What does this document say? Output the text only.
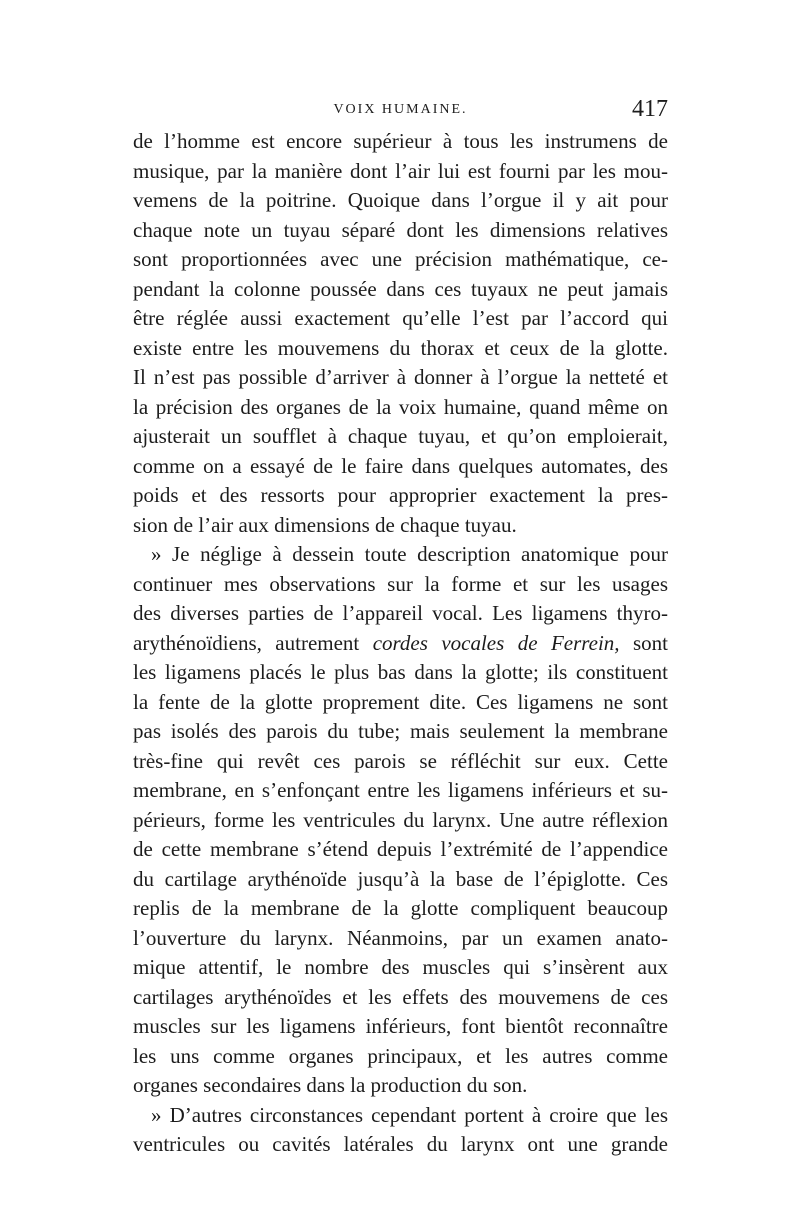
VOIX HUMAINE.	417
de l’homme est encore supérieur à tous les instrumens de
musique, par la manière dont l’air lui est fourni par les mou-
vemens de la poitrine. Quoique dans l’orgue il y ait pour
chaque note un tuyau séparé dont les dimensions relatives
sont proportionnées avec une précision mathématique, ce-
pendant la colonne poussée dans ces tuyaux ne peut jamais
être réglée aussi exactement qu’elle l’est par l’accord qui
existe entre les mouvemens du thorax et ceux de la glotte.
Il n’est pas possible d’arriver à donner à l’orgue la netteté et
la précision des organes de la voix humaine, quand même on
ajusterait un soufflet à chaque tuyau, et qu’on emploierait,
comme on a essayé de le faire dans quelques automates, des
poids et des ressorts pour approprier exactement la pres-
sion de l’air aux dimensions de chaque tuyau.
» Je néglige à dessein toute description anatomique pour
continuer mes observations sur la forme et sur les usages
des diverses parties de l’appareil vocal. Les ligamens thyro-
arythénoïdiens, autrement cordes vocales de Ferrein, sont
les ligamens placés le plus bas dans la glotte; ils constituent
la fente de la glotte proprement dite. Ces ligamens ne sont
pas isolés des parois du tube; mais seulement la membrane
très-fine qui revêt ces parois se réfléchit sur eux. Cette
membrane, en s’enfonçant entre les ligamens inférieurs et su-
périeurs, forme les ventricules du larynx. Une autre réflexion
de cette membrane s’étend depuis l’extrémité de l’appendice
du cartilage arythénoïde jusqu’à la base de l’épiglotte. Ces
replis de la membrane de la glotte compliquent beaucoup
l’ouverture du larynx. Néanmoins, par un examen anato-
mique attentif, le nombre des muscles qui s’insèrent aux
cartilages arythénoïdes et les effets des mouvemens de ces
muscles sur les ligamens inférieurs, font bientôt reconnaître
les uns comme organes principaux, et les autres comme
organes secondaires dans la production du son.
» D’autres circonstances cependant portent à croire que les
ventricules ou cavités latérales du larynx ont une grande
